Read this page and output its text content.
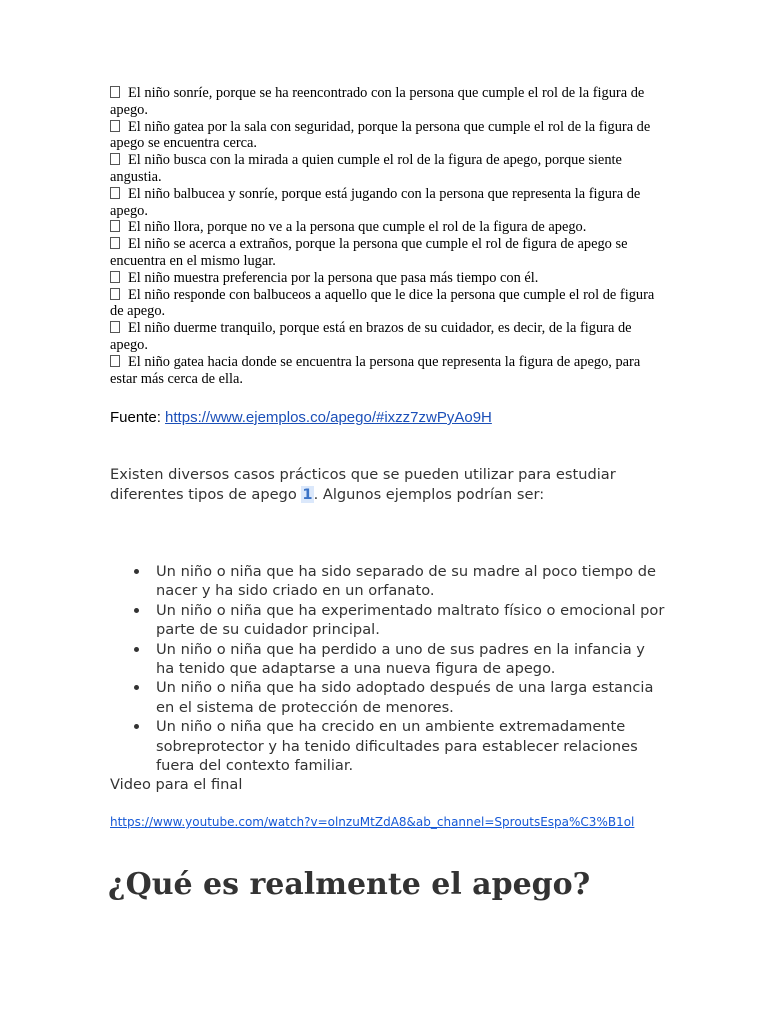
El niño sonríe, porque se ha reencontrado con la persona que cumple el rol de la figura de apego.

El niño gatea por la sala con seguridad, porque la persona que cumple el rol de la figura de apego se encuentra cerca.

El niño busca con la mirada a quien cumple el rol de la figura de apego, porque siente angustia.

El niño balbucea y sonríe, porque está jugando con la persona que representa la figura de apego.

El niño llora, porque no ve a la persona que cumple el rol de la figura de apego.

El niño se acerca a extraños, porque la persona que cumple el rol de figura de apego se encuentra en el mismo lugar.

El niño muestra preferencia por la persona que pasa más tiempo con él.

El niño responde con balbuceos a aquello que le dice la persona que cumple el rol de figura de apego.

El niño duerme tranquilo, porque está en brazos de su cuidador, es decir, de la figura de apego.

El niño gatea hacia donde se encuentra la persona que representa la figura de apego, para estar más cerca de ella.

Fuente: https://www.ejemplos.co/apego/#ixzz7zwPyAo9H
Existen diversos casos prácticos que se pueden utilizar para estudiar diferentes tipos de apego 1. Algunos ejemplos podrían ser:
Un niño o niña que ha sido separado de su madre al poco tiempo de nacer y ha sido criado en un orfanato.
Un niño o niña que ha experimentado maltrato físico o emocional por parte de su cuidador principal.
Un niño o niña que ha perdido a uno de sus padres en la infancia y ha tenido que adaptarse a una nueva figura de apego.
Un niño o niña que ha sido adoptado después de una larga estancia en el sistema de protección de menores.
Un niño o niña que ha crecido en un ambiente extremadamente sobreprotector y ha tenido dificultades para establecer relaciones fuera del contexto familiar.
Video para el final
https://www.youtube.com/watch?v=olnzuMtZdA8&ab_channel=SproutsEspa%C3%B1ol
¿Qué es realmente el apego?
